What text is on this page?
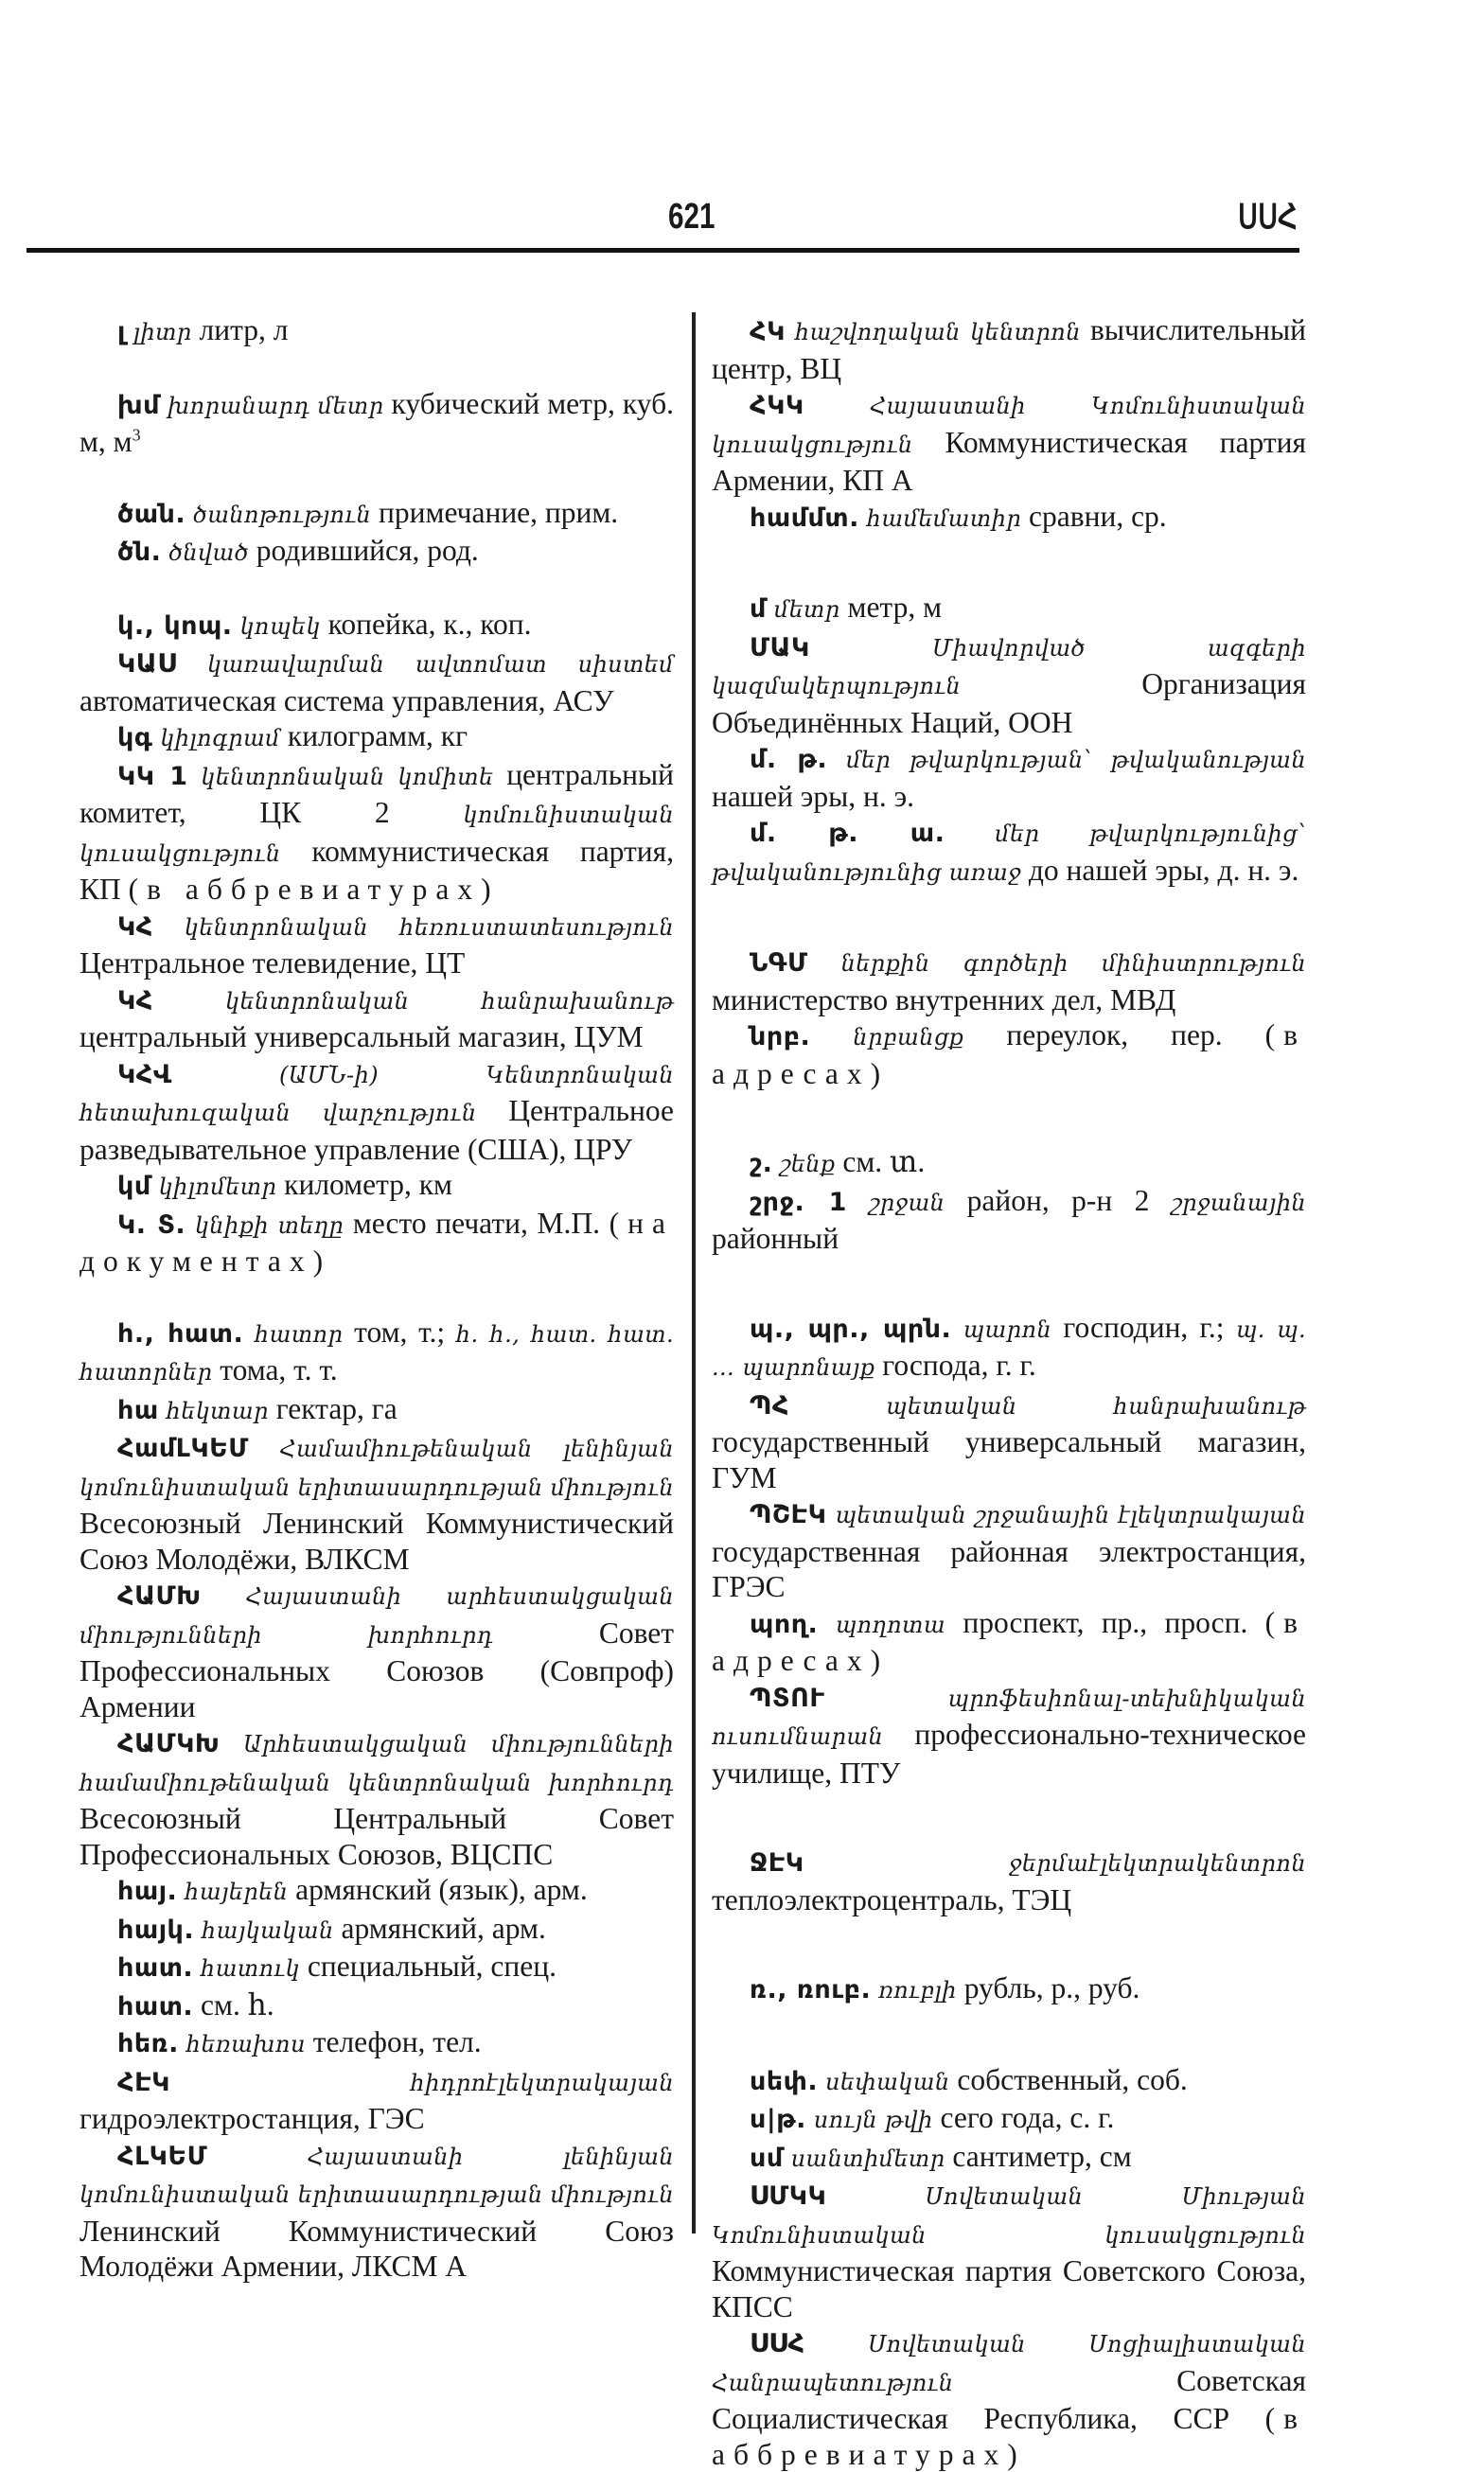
621	ՍՍՀ

լ լիտր литр, л

խմ խորանարդ մետր кубический метр, куб. м, $м^3$

ծան. ծանոթություն примечание, прим.

ծն. ծնված родившийся, род.

կ., կոպ. կոպեկ копейка, к., коп.

ԿԱՍ կառավարման ավտոմատ սիստեմ автоматическая система управления, АСУ

կգ կիլոգրամ килограмм, кг

ԿԿ 1 կենտրոնական կոմիտե центральный комитет, ЦК 2	կոմունիստական կուսակցություն коммунистическая партия, КП (в аббревиатурах)

ԿՀ կենտրոնական հեռուստատեսություն Центральное телевидение, ЦТ

ԿՀ	կենտրոնական հանրախանութ центральный универсальный магазин, ЦУМ

ԿՀՎ	(ԱՄՆ-ի) Կենտրոնական հետախուզական վարչություն Центральное разведывательное управление (США), ЦРУ

կմ կիլոմետր километр, км

Կ. Տ. կնիքի տեղը место печати, М.П. (на документах)

հ., հատ. հատոր том, т.; հ. հ., հատ. հատ. հատորներ тома, т. т.

հա հեկտար гектар, га

ՀամԼԿԵՄ Համամիութենական լենինյան կոմունիստական երիտասարդության միություն Всесоюзный Ленинский Коммунистический Союз Молодёжи, ВЛКСМ

ՀԱՄԽ Հայաստանի արհեստակցական միությունների խորհուրդ	Совет Профессиональных Союзов (Совпроф) Армении

ՀԱՄԿԽ Արհեստակցական միությունների համամիութենական կենտրոնական խորհուրդ Всесоюзный Центральный Совет Профессиональных Союзов, ВЦСПС

հայ. հայերեն армянский (язык), арм.

հայկ. հայկական армянский, арм.

հատ. հատուկ специальный, спец.

հատ. см. հ.

հեռ. հեռախոս телефон, тел.

ՀԷԿ	հիդրոէլեկտրակայան гидроэлектростанция, ГЭС

ՀԼԿԵՄ	Հայաստանի լենինյան կոմունիստական երիտասարդության միություն Ленинский Коммунистический Союз Молодёжи Армении, ЛКСМ А

ՀԿ հաշվողական կենտրոն вычислительный центр, ВЦ

ՀԿԿ	Հայաստանի Կոմունիստական կուսակցություն Коммунистическая партия Армении, КП А

համմտ. համեմատիր сравни, ср.

մ մետր метр, м

ՄԱԿ	Միավորված ազգերի կազմակերպություն	Организация Объединённых Наций, ООН

մ. թ. մեր թվարկության՝ թվականության нашей эры, н. э.

մ. թ. ա. մեր թվարկությունից՝ թվականությունից առաջ до нашей эры, д. н. э.

ՆԳՄ ներքին գործերի մինիստրություն министерство внутренних дел, МВД

նրբ. նրբանցք переулок, пер. (в адресах)

շ. շենք см. տ.

շրջ. 1 շրջան район, р-н 2 շրջանային районный

պ., պր., պրն. պարոն господин, г.; պ. պ. ... պարոնայք господа, г. г.

ՊՀ	պետական հանրախանութ государственный универсальный магазин, ГУМ

ՊՇԷԿ պետական շրջանային էլեկտրակայան государственная районная электростанция, ГРЭС

պող. պողոտա проспект, пр., просп. (в адресах)

ՊՏՈՒ	պրոֆեսիոնալ-տեխնիկական ուսումնարան профессионально-техническое училище, ПТУ

ՋԷԿ	ջերմաէլեկտրակենտրոն теплоэлектроцентраль, ТЭЦ

ռ., ռուբ. ռուբլի рубль, р., руб.

սեփ. սեփական собственный, соб.

ս|թ. սույն թվի сего года, с. г.

սմ սանտիմետր сантиметр, см

ՍՄԿԿ	Սովետական Միության Կոմունիստական կուսակցություն Коммунистическая партия Советского Союза, КПСС

ՍՍՀ	Սովետական Սոցիալիստական Հանրապետություն	Советская Социалистическая Республика, ССР (в аббревиатурах)
